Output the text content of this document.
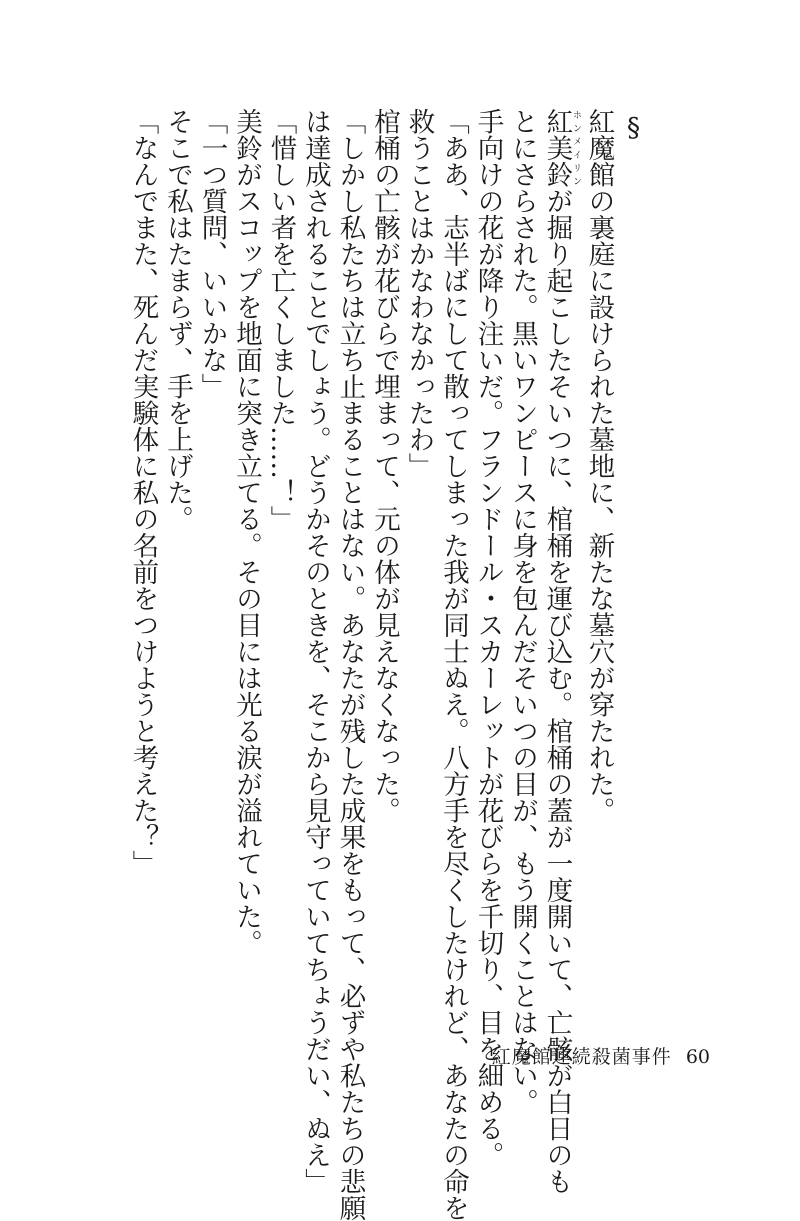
§
紅魔館の裏庭に設けられた墓地に、新たな墓穴が穿たれた。
紅美鈴ホンメイリンが掘り起こしたそいつに、棺桶を運び込む。棺桶の蓋が一度開いて、亡骸が白日のも
とにさらされた。黒いワンピースに身を包んだそいつの目が、もう開くことはない。
手向けの花が降り注いだ。フランドール・スカーレットが花びらを千切り、目を細める。
「ああ、志半ばにして散ってしまった我が同士ぬえ。八方手を尽くしたけれど、あなたの命を
救うことはかなわなかったわ」
棺桶の亡骸が花びらで埋まって、元の体が見えなくなった。
「しかし私たちは立ち止まることはない。あなたが残した成果をもって、必ずや私たちの悲願
は達成されることでしょう。どうかそのときを、そこから見守っていてちょうだい、ぬえ」
「惜しい者を亡くしました……！」
美鈴がスコップを地面に突き立てる。その目には光る涙が溢れていた。
「一つ質問、いいかな」
そこで私はたまらず、手を上げた。
「なんでまた、死んだ実験体に私の名前をつけようと考えた？」
紅魔館連続殺菌事件 60
